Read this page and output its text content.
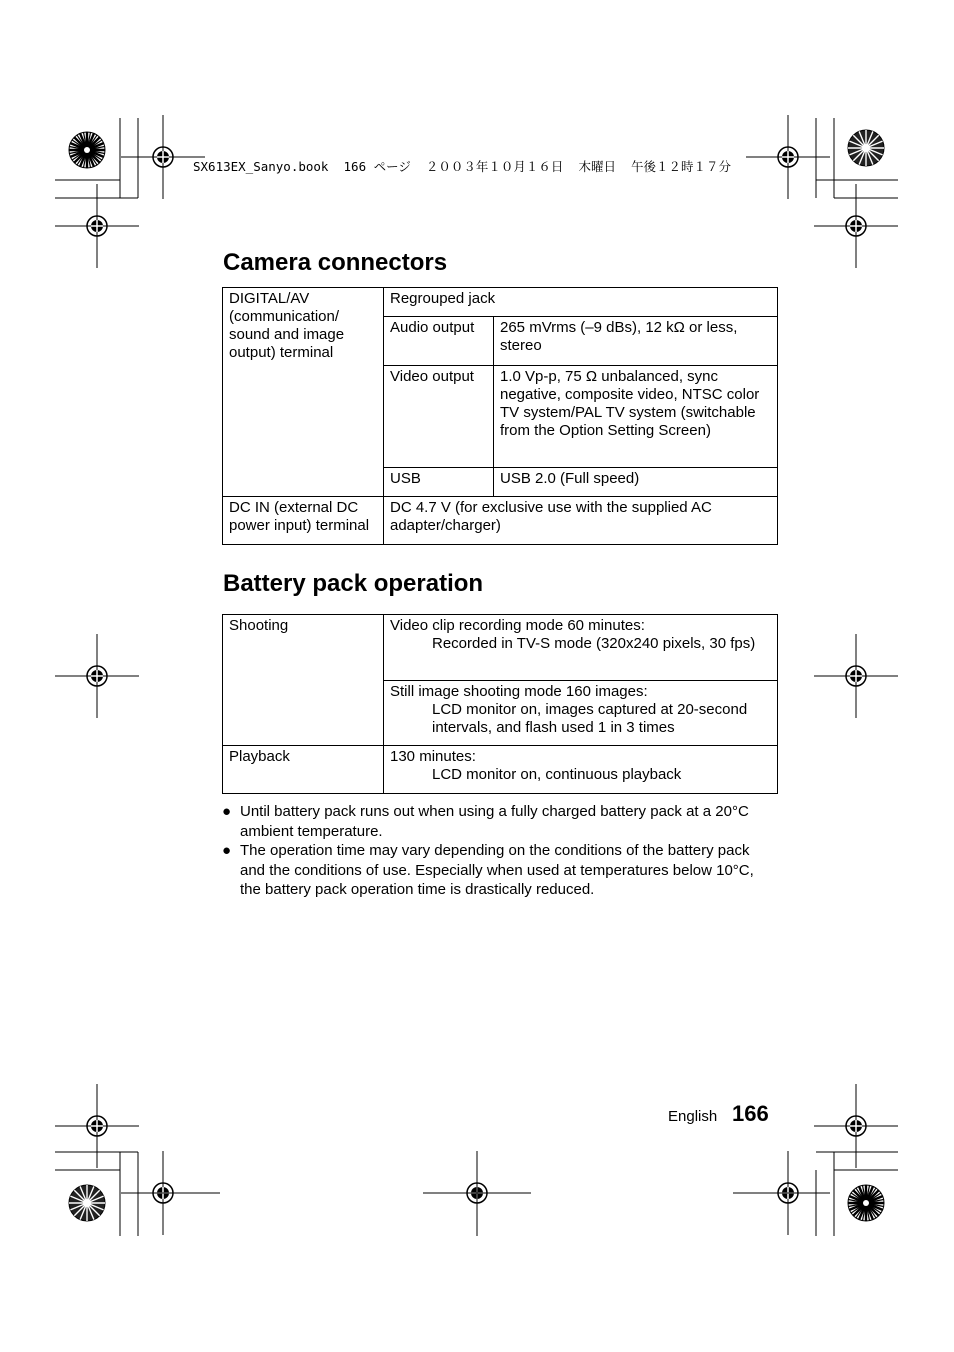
SX613EX_Sanyo.book  166 ページ  ２００３年１０月１６日  木曜日  午後１２時１７分
Camera connectors
DIGITAL/AV (communication/ sound and image output) terminal	Regrouped jack	
	Audio output	265 mVrms (–9 dBs), 12 kΩ or less, stereo
	Video output	1.0 Vp-p, 75 Ω unbalanced, sync negative, composite video, NTSC color TV system/PAL TV system (switchable from the Option Setting Screen)
	USB	USB 2.0 (Full speed)
DC IN (external DC power input) terminal	DC 4.7 V (for exclusive use with the supplied AC adapter/charger)	
Battery pack operation
Shooting	Video clip recording mode 60 minutes:
Recorded in TV-S mode (320x240 pixels, 30 fps)

	Still image shooting mode 160 images:
LCD monitor on, images captured at 20-second intervals, and flash used 1 in 3 times

Playback	130 minutes:
LCD monitor on, continuous playback
● Until battery pack runs out when using a fully charged battery pack at a 20°C ambient temperature.
● The operation time may vary depending on the conditions of the battery pack and the conditions of use. Especially when used at temperatures below 10°C, the battery pack operation time is drastically reduced.
English 166
